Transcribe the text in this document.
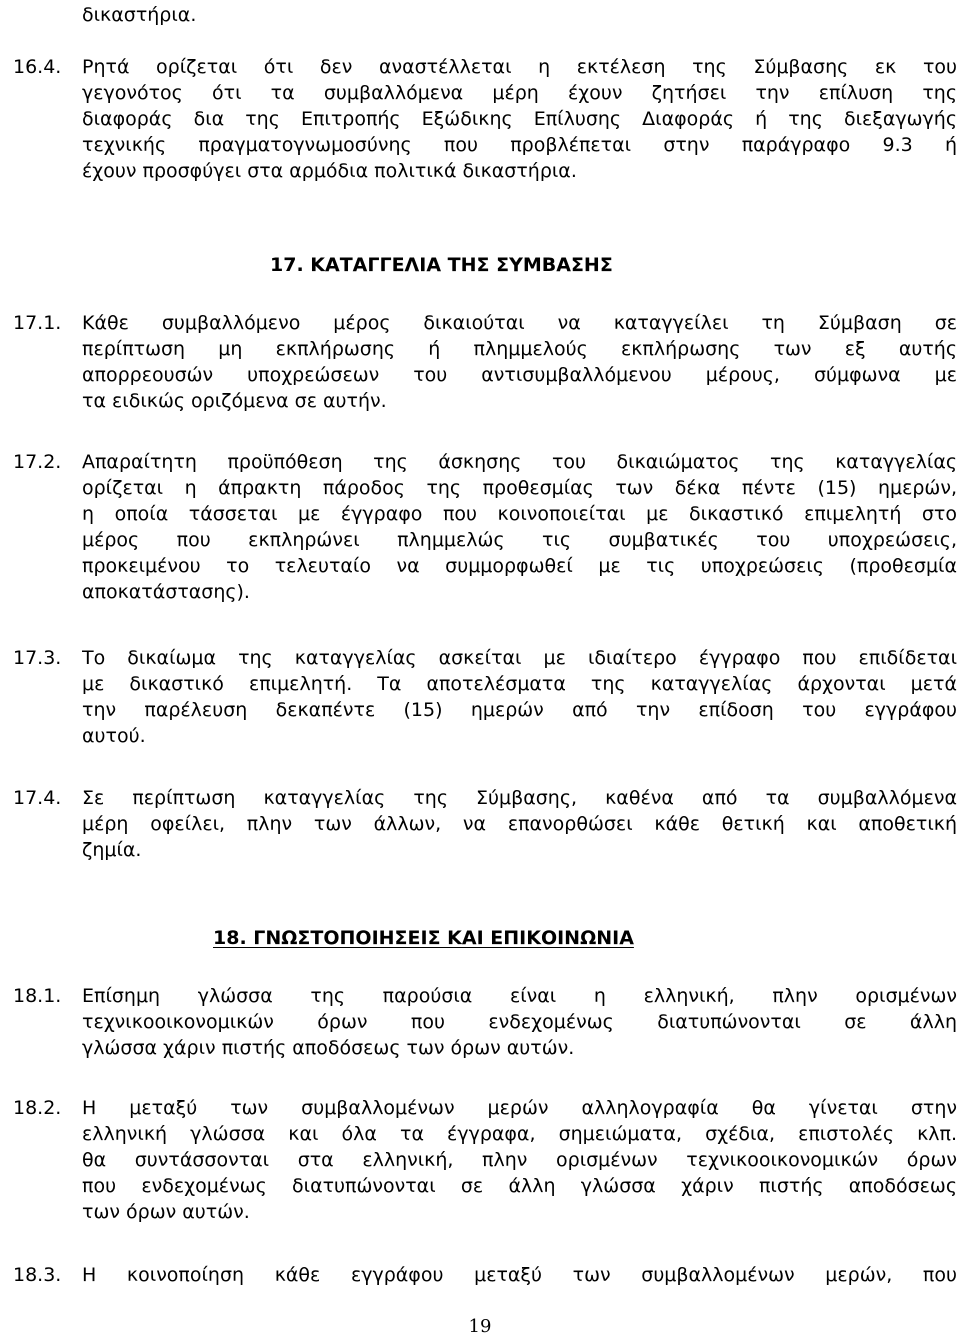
δικαστήρια.
16.4. Ρητά ορίζεται ότι δεν αναστέλλεται η εκτέλεση της Σύμβασης εκ του
γεγονότος ότι τα συμβαλλόμενα μέρη έχουν ζητήσει την επίλυση της
διαφοράς δια της Επιτροπής Εξώδικης Επίλυσης Διαφοράς ή της διεξαγωγής
τεχνικής πραγματογνωμοσύνης που προβλέπεται στην παράγραφο 9.3 ή
έχουν προσφύγει στα αρμόδια πολιτικά δικαστήρια.
17. ΚΑΤΑΓΓΕΛΙΑ ΤΗΣ ΣΥΜΒΑΣΗΣ
17.1. Κάθε συμβαλλόμενο μέρος δικαιούται να καταγγείλει τη Σύμβαση σε
περίπτωση μη εκπλήρωσης ή πλημμελούς εκπλήρωσης των εξ αυτής
απορρεουσών υποχρεώσεων του αντισυμβαλλόμενου μέρους, σύμφωνα με
τα ειδικώς οριζόμενα σε αυτήν.
17.2. Απαραίτητη προϋπόθεση της άσκησης του δικαιώματος της καταγγελίας
ορίζεται η άπρακτη πάροδος της προθεσμίας των δέκα πέντε (15) ημερών,
η οποία τάσσεται με έγγραφο που κοινοποιείται με δικαστικό επιμελητή στο
μέρος που εκπληρώνει πλημμελώς τις συμβατικές του υποχρεώσεις,
προκειμένου το τελευταίο να συμμορφωθεί με τις υποχρεώσεις (προθεσμία
αποκατάστασης).
17.3. Το δικαίωμα της καταγγελίας ασκείται με ιδιαίτερο έγγραφο που επιδίδεται
με δικαστικό επιμελητή. Τα αποτελέσματα της καταγγελίας άρχονται μετά
την παρέλευση δεκαπέντε (15) ημερών από την επίδοση του εγγράφου
αυτού.
17.4. Σε περίπτωση καταγγελίας της Σύμβασης, καθένα από τα συμβαλλόμενα
μέρη οφείλει, πλην των άλλων, να επανορθώσει κάθε θετική και αποθετική
ζημία.
18. ΓΝΩΣΤΟΠΟΙΗΣΕΙΣ ΚΑΙ ΕΠΙΚΟΙΝΩΝΙΑ
18.1. Επίσημη γλώσσα της παρούσια είναι η ελληνική, πλην ορισμένων
τεχνικοοικονομικών όρων που ενδεχομένως διατυπώνονται σε άλλη
γλώσσα χάριν πιστής αποδόσεως των όρων αυτών.
18.2. Η μεταξύ των συμβαλλομένων μερών αλληλογραφία θα γίνεται στην
ελληνική γλώσσα και όλα τα έγγραφα, σημειώματα, σχέδια, επιστολές κλπ.
θα συντάσσονται στα ελληνική, πλην ορισμένων τεχνικοοικονομικών όρων
που ενδεχομένως διατυπώνονται σε άλλη γλώσσα χάριν πιστής αποδόσεως
των όρων αυτών.
18.3. Η κοινοποίηση κάθε εγγράφου μεταξύ των συμβαλλομένων μερών, που
19
